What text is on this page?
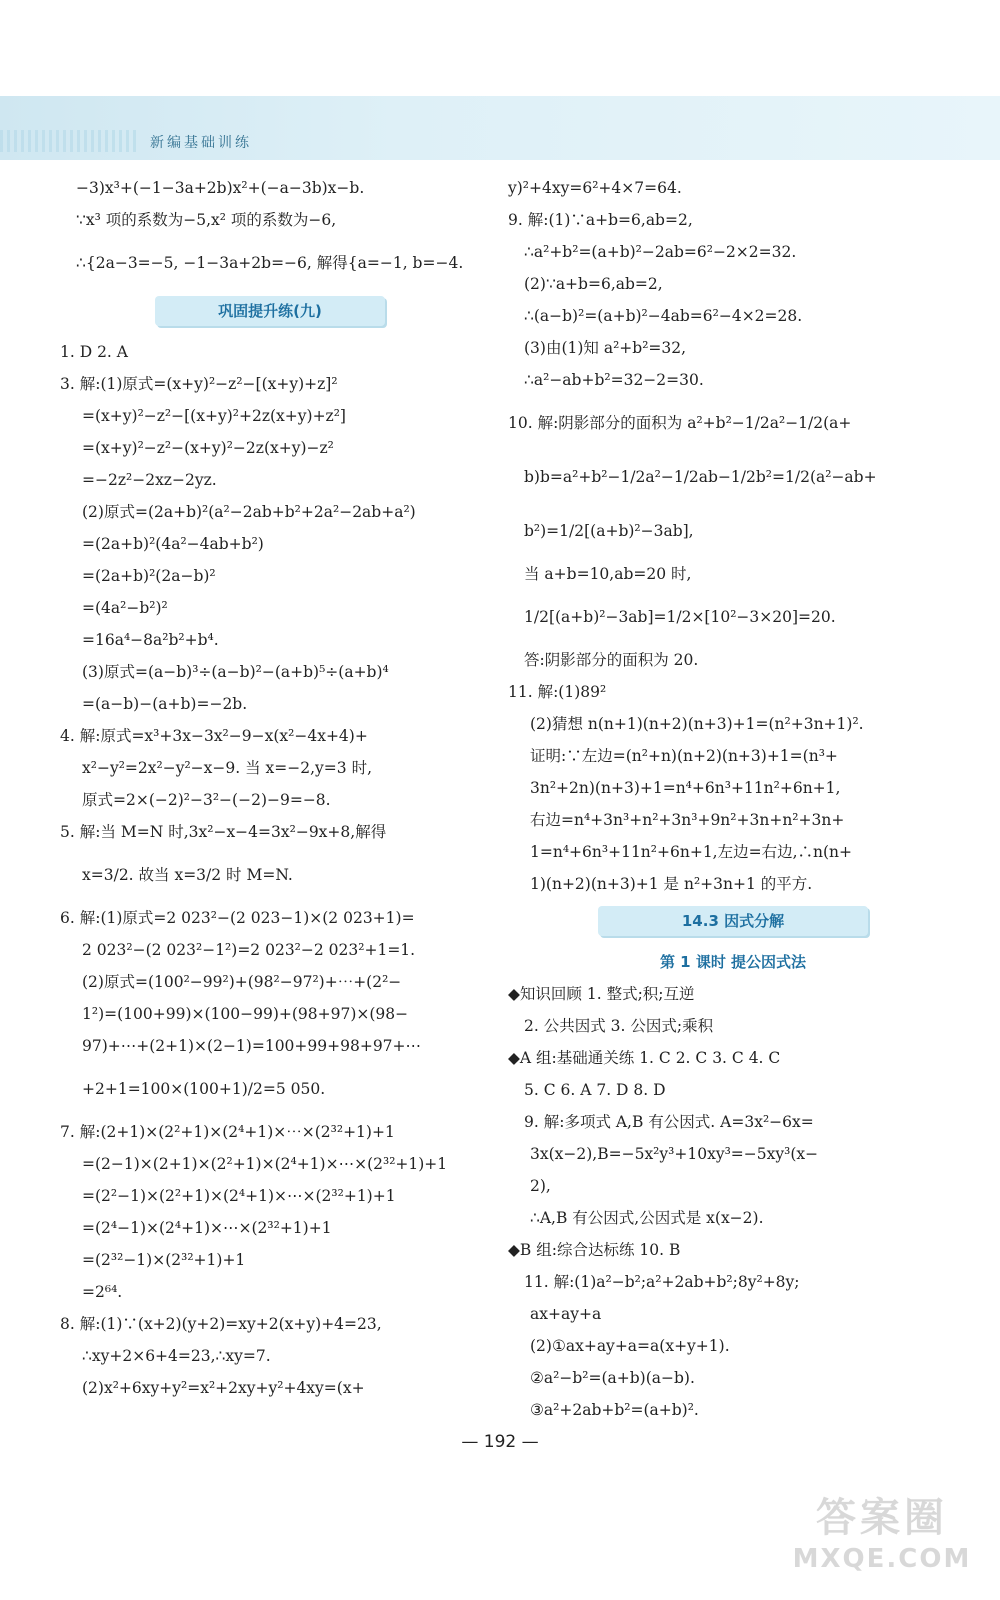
新编基础训练
−3)x³+(−1−3a+2b)x²+(−a−3b)x−b.
∵x³ 项的系数为−5,x² 项的系数为−6,
∴{2a−3=−5, −1−3a+2b=−6, 解得{a=−1, b=−4.
巩固提升练(九)
1. D 2. A
3. 解:(1)原式=(x+y)²−z²−[(x+y)+z]²
=(x+y)²−z²−[(x+y)²+2z(x+y)+z²]
=(x+y)²−z²−(x+y)²−2z(x+y)−z²
=−2z²−2xz−2yz.
(2)原式=(2a+b)²(a²−2ab+b²+2a²−2ab+a²)
=(2a+b)²(4a²−4ab+b²)
=(2a+b)²(2a−b)²
=(4a²−b²)²
=16a⁴−8a²b²+b⁴.
(3)原式=(a−b)³÷(a−b)²−(a+b)⁵÷(a+b)⁴
=(a−b)−(a+b)=−2b.
4. 解:原式=x³+3x−3x²−9−x(x²−4x+4)+
x²−y²=2x²−y²−x−9. 当 x=−2,y=3 时,
原式=2×(−2)²−3²−(−2)−9=−8.
5. 解:当 M=N 时,3x²−x−4=3x²−9x+8,解得
x=3/2. 故当 x=3/2 时 M=N.
6. 解:(1)原式=2 023²−(2 023−1)×(2 023+1)=
2 023²−(2 023²−1²)=2 023²−2 023²+1=1.
(2)原式=(100²−99²)+(98²−97²)+⋯+(2²−
1²)=(100+99)×(100−99)+(98+97)×(98−
97)+⋯+(2+1)×(2−1)=100+99+98+97+⋯
+2+1=100×(100+1)/2=5 050.
7. 解:(2+1)×(2²+1)×(2⁴+1)×⋯×(2³²+1)+1
=(2−1)×(2+1)×(2²+1)×(2⁴+1)×⋯×(2³²+1)+1
=(2²−1)×(2²+1)×(2⁴+1)×⋯×(2³²+1)+1
=(2⁴−1)×(2⁴+1)×⋯×(2³²+1)+1
=(2³²−1)×(2³²+1)+1
=2⁶⁴.
8. 解:(1)∵(x+2)(y+2)=xy+2(x+y)+4=23,
∴xy+2×6+4=23,∴xy=7.
(2)x²+6xy+y²=x²+2xy+y²+4xy=(x+
y)²+4xy=6²+4×7=64.
9. 解:(1)∵a+b=6,ab=2,
∴a²+b²=(a+b)²−2ab=6²−2×2=32.
(2)∵a+b=6,ab=2,
∴(a−b)²=(a+b)²−4ab=6²−4×2=28.
(3)由(1)知 a²+b²=32,
∴a²−ab+b²=32−2=30.
10. 解:阴影部分的面积为 a²+b²−1/2a²−1/2(a+
b)b=a²+b²−1/2a²−1/2ab−1/2b²=1/2(a²−ab+
b²)=1/2[(a+b)²−3ab],
当 a+b=10,ab=20 时,
1/2[(a+b)²−3ab]=1/2×[10²−3×20]=20.
答:阴影部分的面积为 20.
11. 解:(1)89²
(2)猜想 n(n+1)(n+2)(n+3)+1=(n²+3n+1)².
证明:∵左边=(n²+n)(n+2)(n+3)+1=(n³+
3n²+2n)(n+3)+1=n⁴+6n³+11n²+6n+1,
右边=n⁴+3n³+n²+3n³+9n²+3n+n²+3n+
1=n⁴+6n³+11n²+6n+1,左边=右边,∴n(n+
1)(n+2)(n+3)+1 是 n²+3n+1 的平方.
14.3 因式分解
第 1 课时 提公因式法
◆知识回顾 1. 整式;积;互逆
2. 公共因式 3. 公因式;乘积
◆A 组:基础通关练 1. C 2. C 3. C 4. C
5. C 6. A 7. D 8. D
9. 解:多项式 A,B 有公因式. A=3x²−6x=
3x(x−2),B=−5x²y³+10xy³=−5xy³(x−
2),
∴A,B 有公因式,公因式是 x(x−2).
◆B 组:综合达标练 10. B
11. 解:(1)a²−b²;a²+2ab+b²;8y²+8y;
ax+ay+a
(2)①ax+ay+a=a(x+y+1).
②a²−b²=(a+b)(a−b).
③a²+2ab+b²=(a+b)².
— 192 —
答案圈
MXQE.COM
